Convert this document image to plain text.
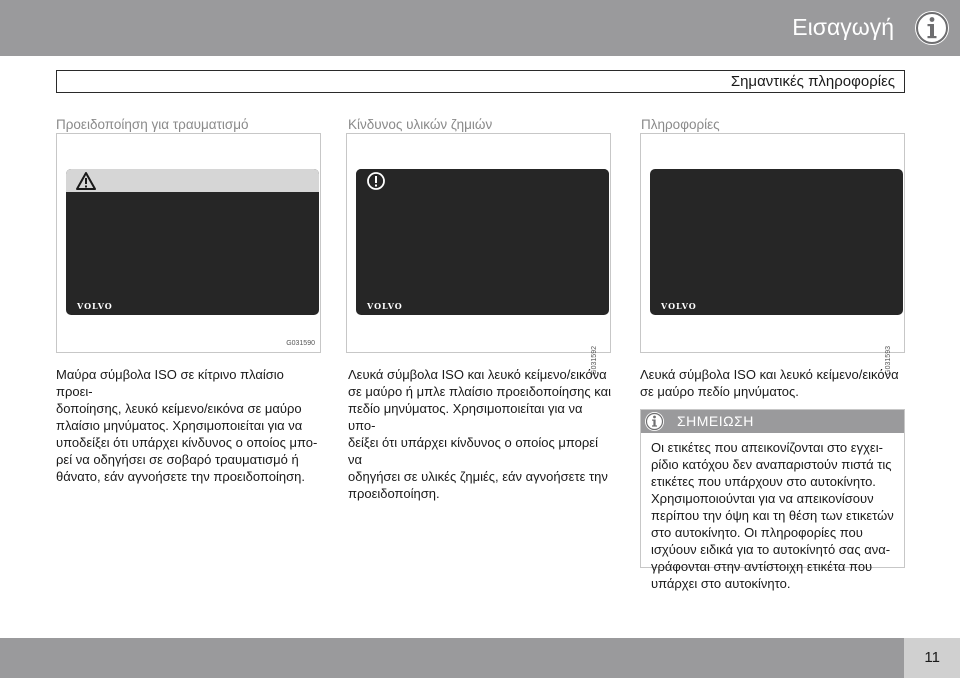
Εισαγωγή
Σημαντικές πληροφορίες
Προειδοποίηση για τραυματισμό
VOLVO
G031590
Μαύρα σύμβολα ISO σε κίτρινο πλαίσιο προει-
δοποίησης, λευκό κείμενο/εικόνα σε μαύρο
πλαίσιο μηνύματος. Χρησιμοποιείται για να
υποδείξει ότι υπάρχει κίνδυνος ο οποίος μπο-
ρεί να οδηγήσει σε σοβαρό τραυματισμό ή
θάνατο, εάν αγνοήσετε την προειδοποίηση.
Κίνδυνος υλικών ζημιών
VOLVO
G031592
Λευκά σύμβολα ISO και λευκό κείμενο/εικόνα
σε μαύρο ή μπλε πλαίσιο προειδοποίησης και
πεδίο μηνύματος. Χρησιμοποιείται για να υπο-
δείξει ότι υπάρχει κίνδυνος ο οποίος μπορεί να
οδηγήσει σε υλικές ζημιές, εάν αγνοήσετε την
προειδοποίηση.
Πληροφορίες
VOLVO
G031593
Λευκά σύμβολα ISO και λευκό κείμενο/εικόνα
σε μαύρο πεδίο μηνύματος.
ΣΗΜΕΙΩΣΗ
Οι ετικέτες που απεικονίζονται στο εγχει-
ρίδιο κατόχου δεν αναπαριστούν πιστά τις
ετικέτες που υπάρχουν στο αυτοκίνητο.
Χρησιμοποιούνται για να απεικονίσουν
περίπου την όψη και τη θέση των ετικετών
στο αυτοκίνητο. Οι πληροφορίες που
ισχύουν ειδικά για το αυτοκίνητό σας ανα-
γράφονται στην αντίστοιχη ετικέτα που
υπάρχει στο αυτοκίνητο.
11
